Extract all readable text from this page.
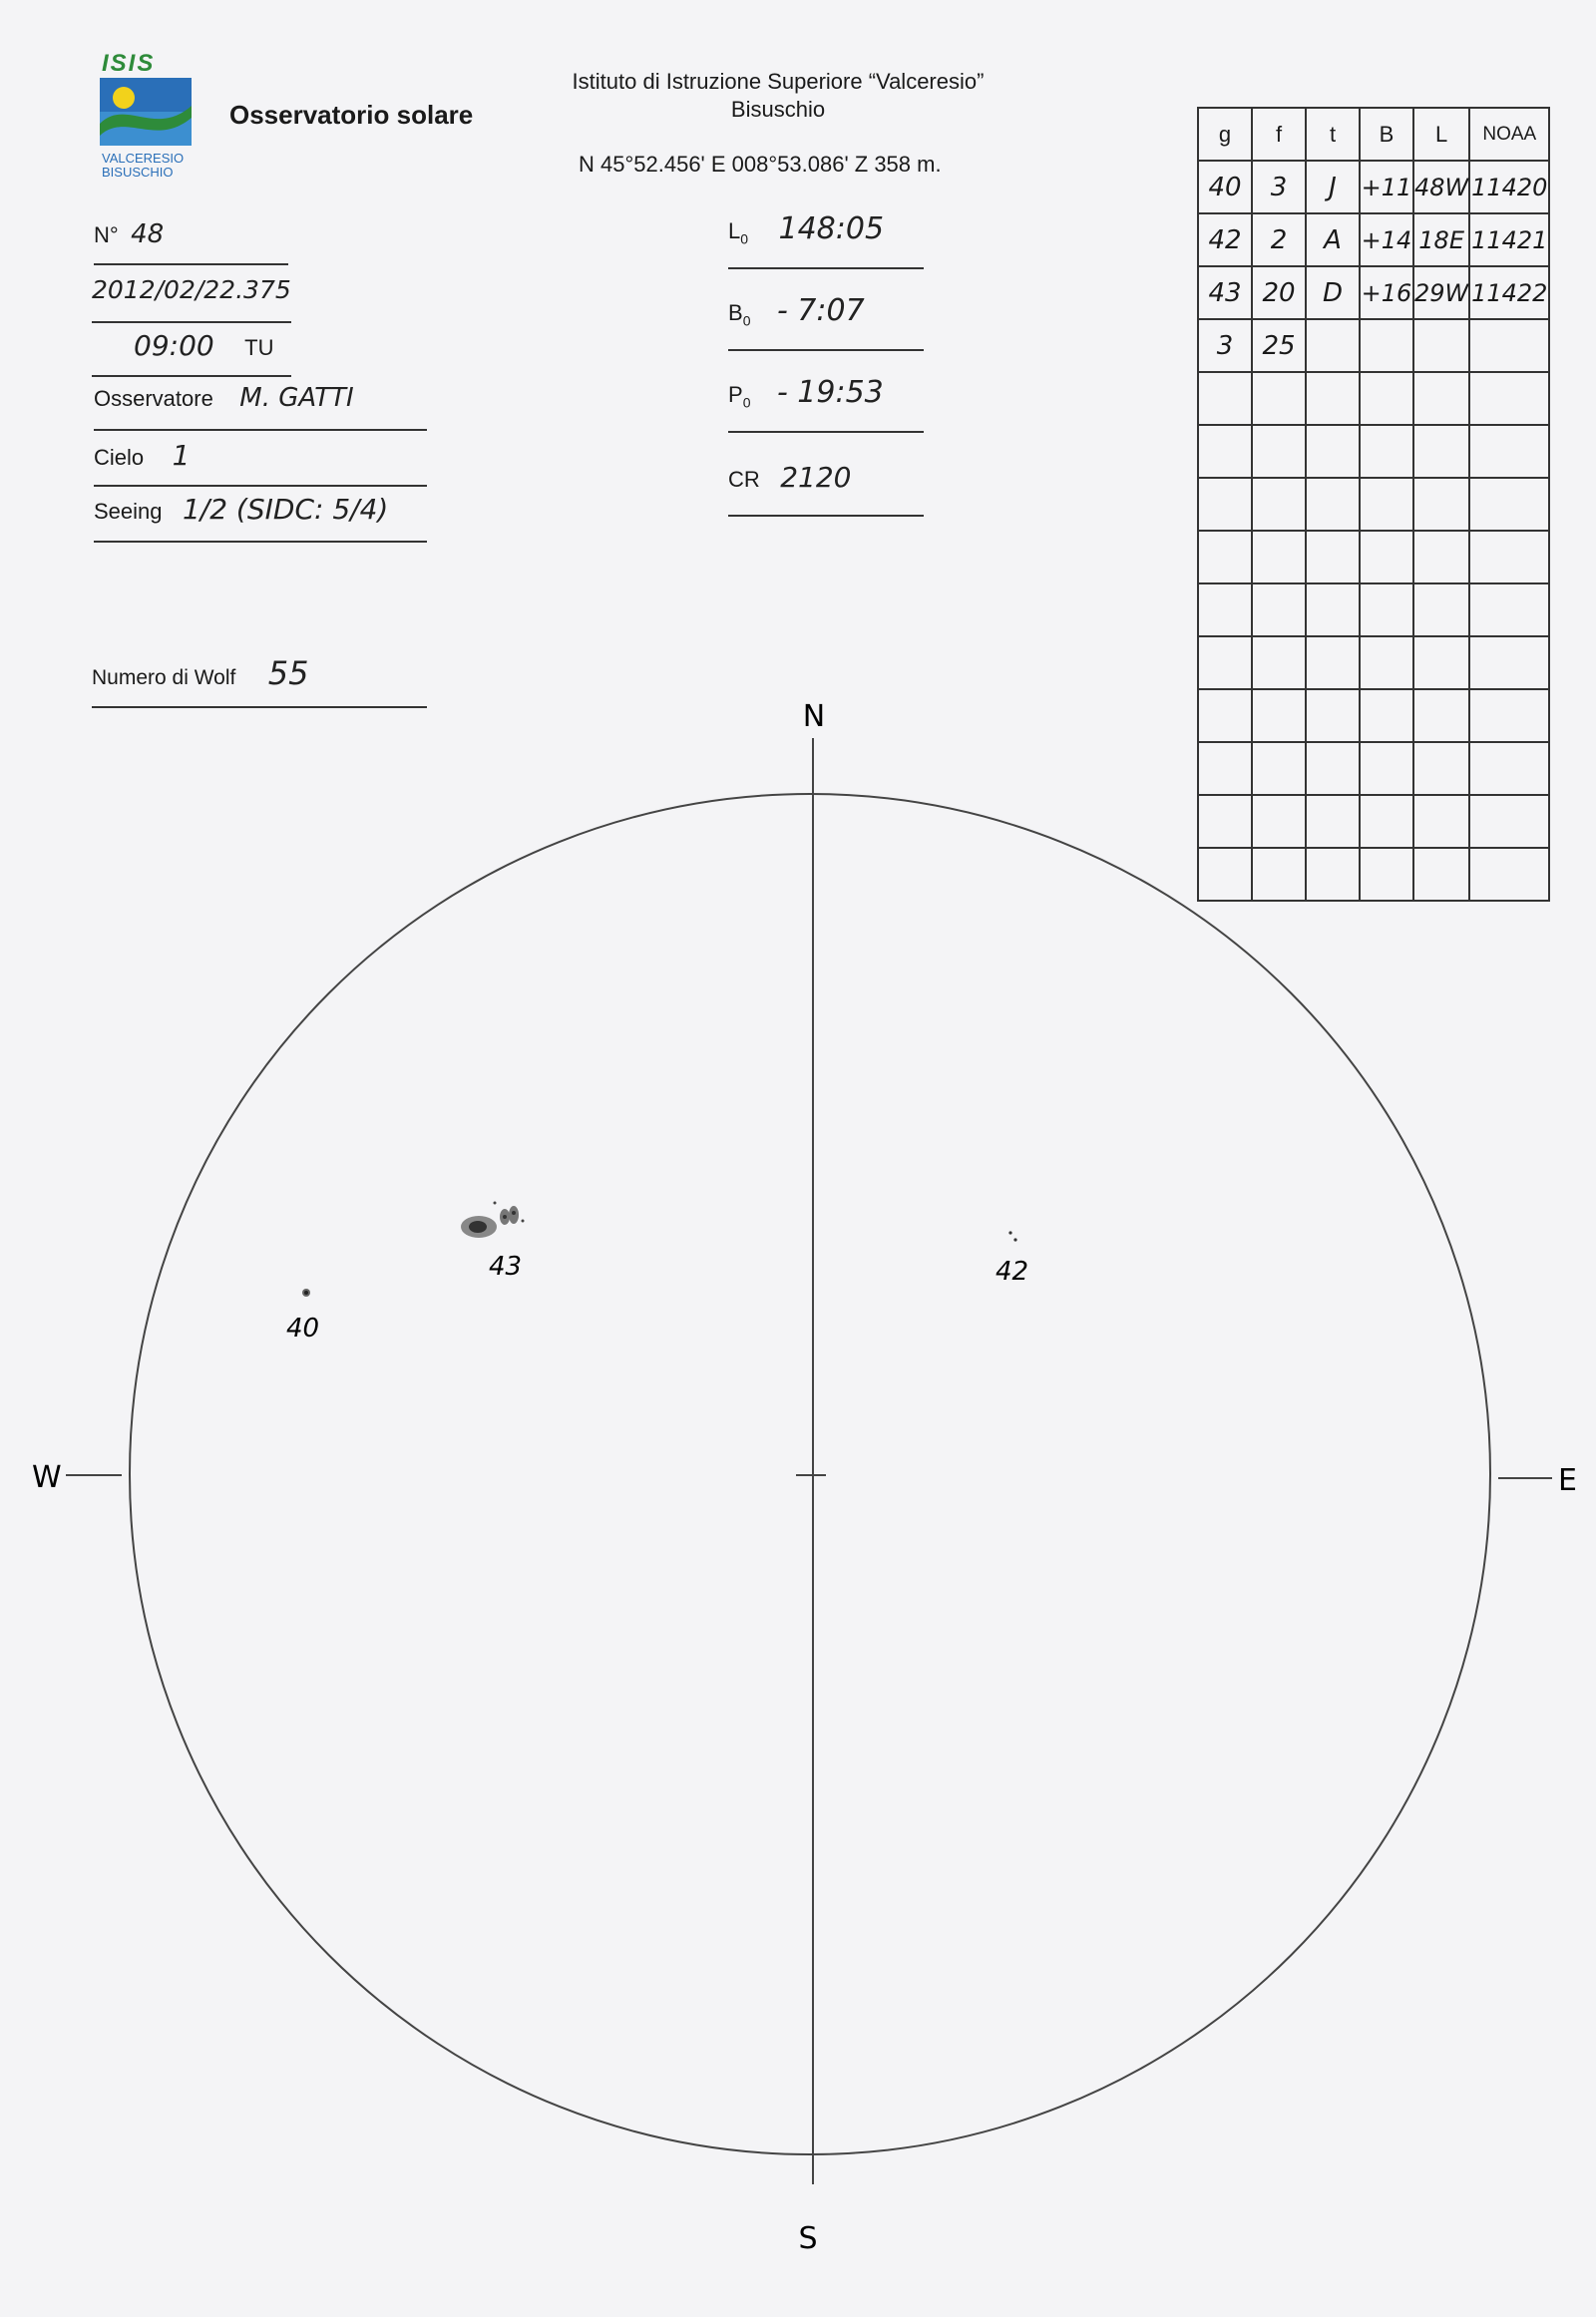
ISIS
VALCERESIO
BISUSCHIO
Osservatorio solare
Istituto di Istruzione Superiore “Valceresio”
Bisuschio
N 45°52.456' E 008°53.086' Z 358 m.
N° 48
2012/02/22.375
09:00 TU
Osservatore M. GATTI
Cielo 1
Seeing 1/2 (SIDC: 5/4)
Numero di Wolf 55
$L_0$ 148:05
$B_0$ - 7:07
$P_0$ - 19:53
CR 2120
g	f	t	B	L	NOAA
40	3	J	+11	48W	11420
42	2	A	+14	18E	11421
43	20	D	+16	29W	11422
3	25				

N
S
E
W
43
40
42
